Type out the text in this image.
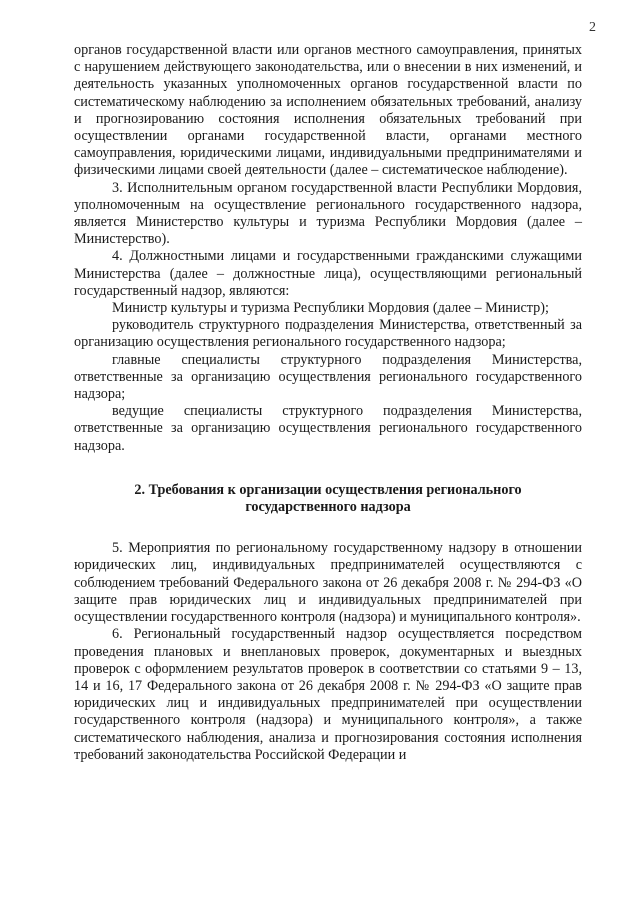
2

органов государственной власти или органов местного самоуправления, принятых с нарушением действующего законодательства, или о внесении в них изменений, и деятельность указанных уполномоченных органов государственной власти по систематическому наблюдению за исполнением обязательных требований, анализу и прогнозированию состояния исполнения обязательных требований при осуществлении органами государственной власти, органами местного самоуправления, юридическими лицами, индивидуальными предпринимателями и физическими лицами своей деятельности (далее – систематическое наблюдение).

3. Исполнительным органом государственной власти Республики Мордовия, уполномоченным на осуществление регионального государственного надзора, является Министерство культуры и туризма Республики Мордовия (далее – Министерство).

4. Должностными лицами и государственными гражданскими служащими Министерства (далее – должностные лица), осуществляющими региональный государственный надзор, являются:

Министр культуры и туризма Республики Мордовия (далее – Министр);

руководитель структурного подразделения Министерства, ответственный за организацию осуществления регионального государственного надзора;

главные специалисты структурного подразделения Министерства, ответственные за организацию осуществления регионального государственного надзора;

ведущие специалисты структурного подразделения Министерства, ответственные за организацию осуществления регионального государственного надзора.

2. Требования к организации осуществления регионального
государственного надзора

5. Мероприятия по региональному государственному надзору в отношении юридических лиц, индивидуальных предпринимателей осуществляются с соблюдением требований Федерального закона от 26 декабря 2008 г. № 294-ФЗ «О защите прав юридических лиц и индивидуальных предпринимателей при осуществлении государственного контроля (надзора) и муниципального контроля».

6. Региональный государственный надзор осуществляется посредством проведения плановых и внеплановых проверок, документарных и выездных проверок с оформлением результатов проверок в соответствии со статьями 9 – 13, 14 и 16, 17 Федерального закона от 26 декабря 2008 г. № 294-ФЗ «О защите прав юридических лиц и индивидуальных предпринимателей при осуществлении государственного контроля (надзора) и муниципального контроля», а также систематического наблюдения, анализа и прогнозирования состояния исполнения требований законодательства Российской Федерации и
